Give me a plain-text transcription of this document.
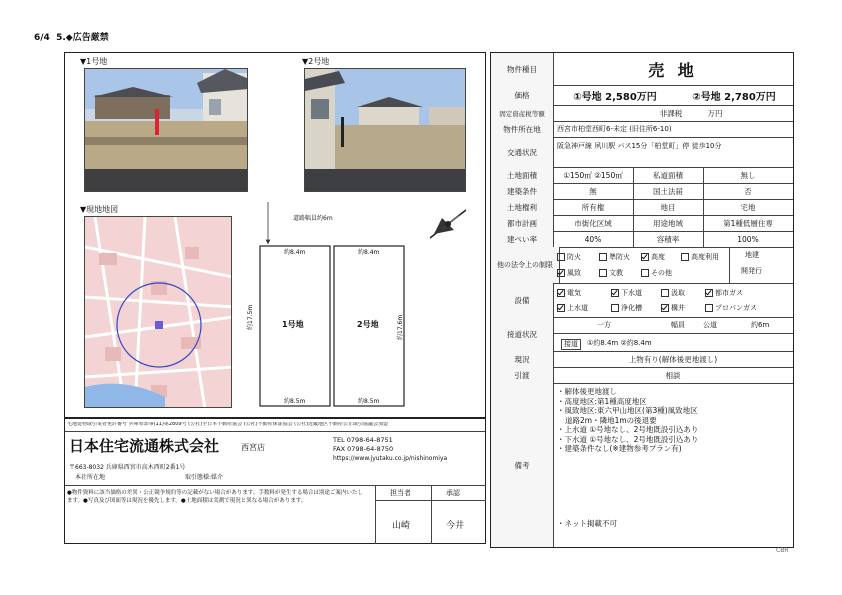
6/4 5.◆広告厳禁
▼1号地	▼2号地
▼現地地図
道路幅員約6m
約8.4m	約8.4m
1号地	2号地
約8.5m	約8.5m
約17.5m	約17.6m
宅地建物取引業者免許番号 兵庫県知事(11)第2809号 (公社)全日本不動産協会 (公社)不動産保証協会 (公社)近畿地区不動産公正取引協議会加盟
日本住宅流通株式会社	西宮店
TEL 0798-64-8751
FAX 0798-64-8750
https://www.jyutaku.co.jp/nishinomiya
〒663-8032 兵庫県西宮市高木西町2番1号
本社所在地	取引態様:媒介
●物件資料に該当価格の差異・公正競争規約等の記載がない場合があります。手数料が発生する場合は別途ご案内いたします。●写真及び図面等は現況を優先します。●土地面積は実測で現況と異なる場合があります。
担当者	承認
山崎	今井
物件種目	売 地
価格	①号地 2,580万円	②号地 2,780万円
固定資産税等額	非課税	万円
物件所在地	西宮市柏堂西町6-未定 (旧住所6-10)
交通状況
阪急神戸線 夙川駅 バス15分「柏堂町」停 徒歩10分
土地面積	①150㎡ ②150㎡	私道面積	無し
建築条件	無	国土法届	否
土地権利	所有権	地目	宅地
都市計画	市街化区域	用途地域	第1種低層住専
建ぺい率	40%	容積率	100%
他の法令上の制限
防火	準防火	高度	高度利用
風致	文教	その他
地建
開発行
設備
電気	下水道	汲取	都市ガス
上水道	浄化槽	構井	プロパンガス
接道状況
一方	幅員	公道	約6m
接道	①約8.4m ②約8.4m
現況	上物有り(解体後更地渡し)
引渡	相談
備考
・解体後更地渡し
・高度地区:第1種高度地区
・風致地区:東六甲山地区(第3種)風致地区
道路2m・隣地1mの後退要
・上水道 ①号地なし、2号地既設引込あり
・下水道 ①号地なし、2号地既設引込あり
・建築条件なし(※建物参考プラン有)
・ネット掲載不可
CBR
